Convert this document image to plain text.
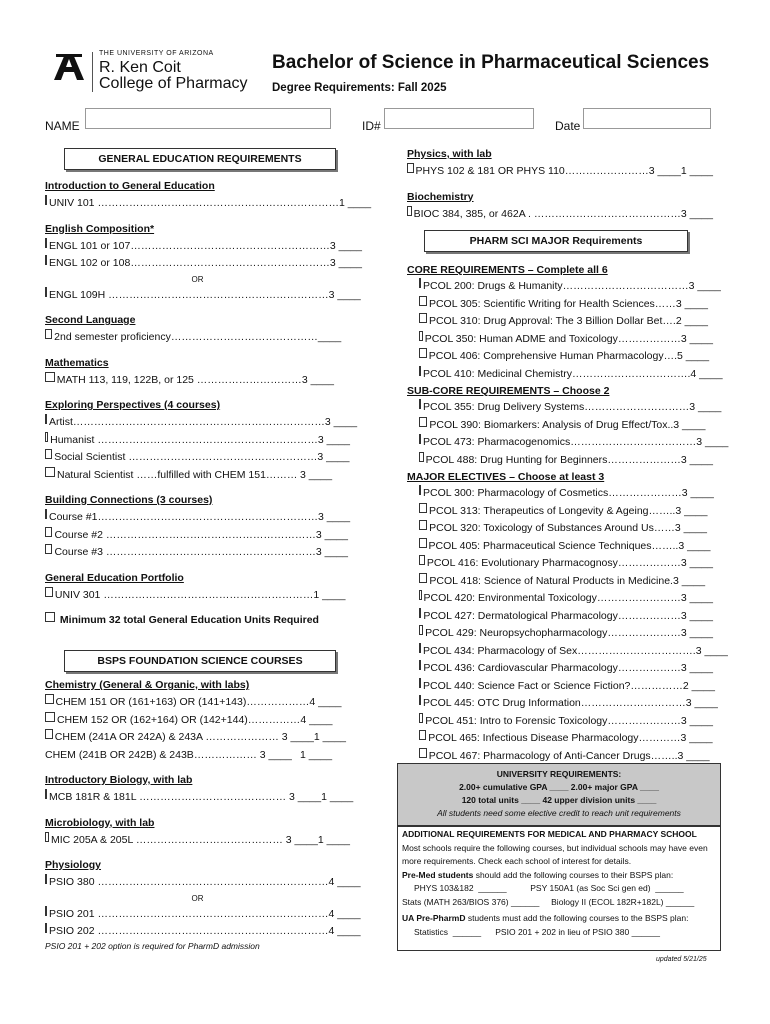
THE UNIVERSITY OF ARIZONA
R. Ken Coit
College of Pharmacy
Bachelor of Science in Pharmaceutical Sciences
Degree Requirements: Fall 2025
NAME	ID#	Date
GENERAL EDUCATION REQUIREMENTS
Introduction to General Education
UNIV 101 …………………………………………………………… 1 ____
English Composition*
ENGL 101 or 107………………………………………………… 3 ____
ENGL 102 or 108………………………………………………… 3 ____
OR
ENGL 109H ……………………………………………………… 3 ____
Second Language
2nd semester proficiency…………………………………… ____
Mathematics
MATH 113, 119, 122B, or 125 ………………………… 3 ____
Exploring Perspectives (4 courses)
Artist……………………………………………………………… 3 ____
Humanist ……………………………………………………… 3 ____
Social Scientist ……………………………………………… 3 ____
Natural Scientist ……fulfilled with CHEM 151……… 3 ____
Building Connections (3 courses)
Course #1……………………………………………………… 3 ____
Course #2 …………………………………………………… 3 ____
Course #3 …………………………………………………… 3 ____
General Education Portfolio
UNIV 301 …………………………………………………… 1 ____

Minimum 32 total General Education Units Required
BSPS FOUNDATION SCIENCE COURSES
Chemistry (General & Organic, with labs)
CHEM 151 OR (161+163) OR (141+143)……………… 4 ____
CHEM 152 OR (162+164) OR (142+144)…………… 4 ____
CHEM (241A OR 242A) & 243A ………………… 3 ____ 1 ____
CHEM (241B OR 242B) & 243B……………… 3 ____ 1 ____
Introductory Biology, with lab
MCB 181R & 181L …………………………………… 3 ____ 1 ____
Microbiology, with lab
MIC 205A & 205L …………………………………… 3 ____ 1 ____
Physiology
PSIO 380 ………………………………………………………… 4 ____
OR
PSIO 201 ………………………………………………………… 4 ____
PSIO 202 ………………………………………………………… 4 ____
PSIO 201 + 202 option is required for PharmD admission
Physics, with lab
PHYS 102 & 181 OR PHYS 110……………………3 ____ 1 ____
Biochemistry
BIOC 384, 385, or 462A . …………………………………… 3 ____
PHARM SCI MAJOR Requirements
CORE REQUIREMENTS – Complete all 6
PCOL 200: Drugs & Humanity……………………………… 3 ____
PCOL 305: Scientific Writing for Health Sciences…… 3 ____
PCOL 310: Drug Approval: The 3 Billion Dollar Bet…. 2 ____
PCOL 350: Human ADME and Toxicology……………… 3 ____
PCOL 406: Comprehensive Human Pharmacology…. 5 ____
PCOL 410: Medicinal Chemistry……………………………. 4 ____
SUB-CORE REQUIREMENTS – Choose 2
PCOL 355: Drug Delivery Systems………………………… 3 ____
PCOL 390: Biomarkers: Analysis of Drug Effect/Tox.. 3 ____
PCOL 473: Pharmacogenomics……………………………… 3 ____
PCOL 488: Drug Hunting for Beginners………………… 3 ____
MAJOR ELECTIVES – Choose at least 3
PCOL 300: Pharmacology of Cosmetics………………… 3 ____
PCOL 313: Therapeutics of Longevity & Ageing…….. 3 ____
PCOL 320: Toxicology of Substances Around Us…… 3 ____
PCOL 405: Pharmaceutical Science Techniques…….. 3 ____
PCOL 416: Evolutionary Pharmacognosy……………… 3 ____
PCOL 418: Science of Natural Products in Medicine. 3 ____
PCOL 420: Environmental Toxicology…………………… 3 ____
PCOL 427: Dermatological Pharmacology……………… 3 ____
PCOL 429: Neuropsychopharmacology………………… 3 ____
PCOL 434: Pharmacology of Sex……………………………. 3 ____
PCOL 436: Cardiovascular Pharmacology……………… 3 ____
PCOL 440: Science Fact or Science Fiction?…………… 2 ____
PCOL 445: OTC Drug Information………………………… 3 ____
PCOL 451: Intro to Forensic Toxicology………………… 3 ____
PCOL 465: Infectious Disease Pharmacology………… 3 ____
PCOL 467: Pharmacology of Anti-Cancer Drugs…….. 3 ____
UNIVERSITY REQUIREMENTS:
2.00+ cumulative GPA ____ 2.00+ major GPA ____
120 total units ____ 42 upper division units ____
All students need some elective credit to reach unit requirements
ADDITIONAL REQUIREMENTS FOR MEDICAL AND PHARMACY SCHOOL
Most schools require the following courses, but individual schools may have even more requirements. Check each school of interest for details.
Pre-Med students should add the following courses to their BSPS plan:
PHYS 103&182  ______          PSY 150A1 (as Soc Sci gen ed)  ______
Stats (MATH 263/BIOS 376) ______     Biology II (ECOL 182R+182L) ______
UA Pre-PharmD students must add the following courses to the BSPS plan:
Statistics  ______      PSIO 201 + 202 in lieu of PSIO 380 ______
updated 5/21/25
